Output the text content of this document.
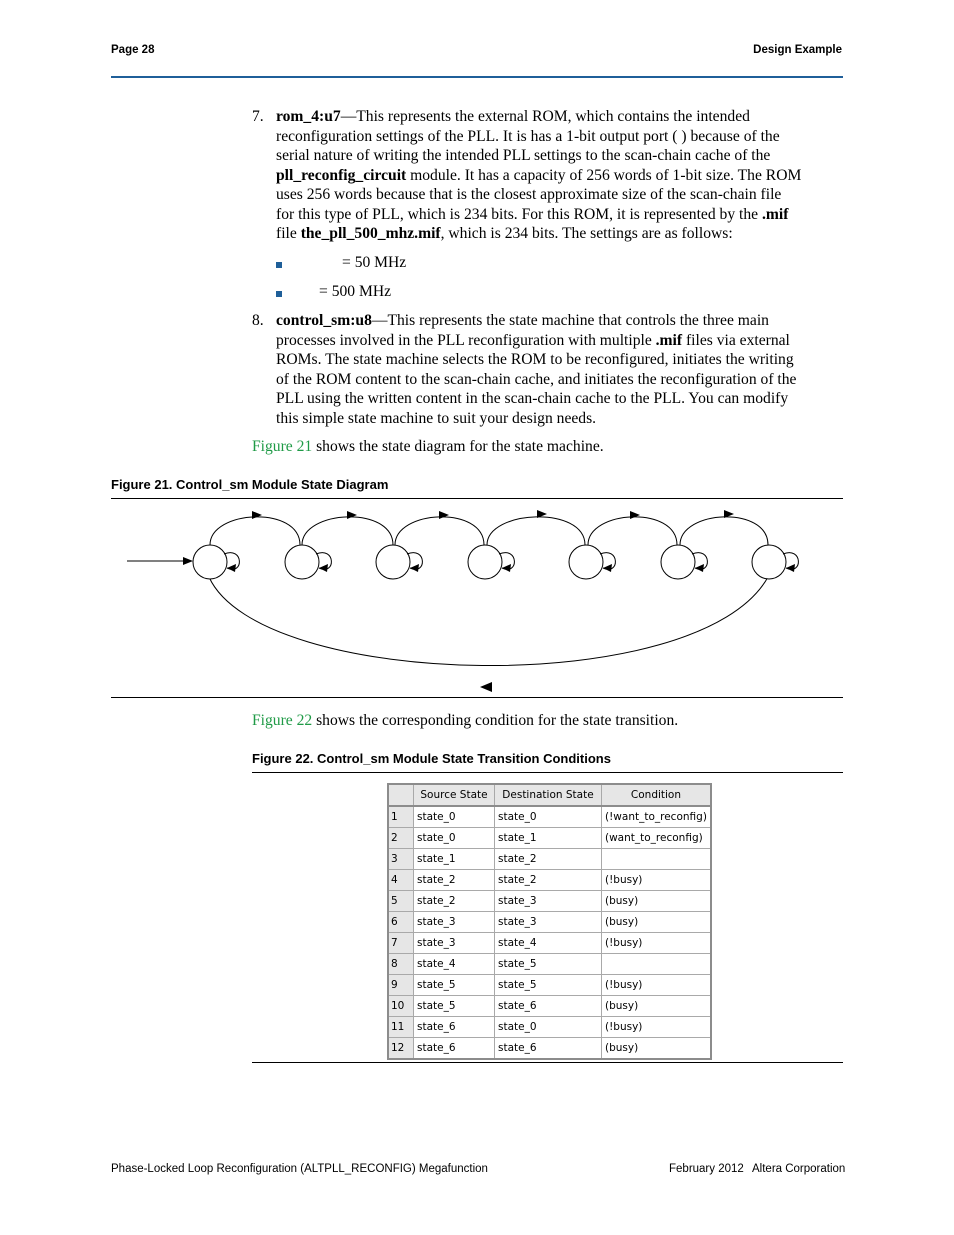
Page 28	Design Example
7. rom_4:u7—This represents the external ROM, which contains the intended
reconfiguration settings of the PLL. It is has a 1-bit output port ( ) because of the
serial nature of writing the intended PLL settings to the scan-chain cache of the
pll_reconfig_circuit module. It has a capacity of 256 words of 1-bit size. The ROM
uses 256 words because that is the closest approximate size of the scan-chain file
for this type of PLL, which is 234 bits. For this ROM, it is represented by the .mif
file the_pll_500_mhz.mif, which is 234 bits. The settings are as follows:
= 50 MHz
= 500 MHz
8. control_sm:u8—This represents the state machine that controls the three main
processes involved in the PLL reconfiguration with multiple .mif files via external
ROMs. The state machine selects the ROM to be reconfigured, initiates the writing
of the ROM content to the scan-chain cache, and initiates the reconfiguration of the
PLL using the written content in the scan-chain cache to the PLL. You can modify
this simple state machine to suit your design needs.
Figure 21 shows the state diagram for the state machine.
Figure 21. Control_sm Module State Diagram
Figure 22 shows the corresponding condition for the state transition.
Figure 22. Control_sm Module State Transition Conditions
	Source State	Destination State	Condition
1	state_0	state_0	(!want_to_reconfig)
2	state_0	state_1	(want_to_reconfig)
3	state_1	state_2	
4	state_2	state_2	(!busy)
5	state_2	state_3	(busy)
6	state_3	state_3	(busy)
7	state_3	state_4	(!busy)
8	state_4	state_5	
9	state_5	state_5	(!busy)
10	state_5	state_6	(busy)
11	state_6	state_0	(!busy)
12	state_6	state_6	(busy)
Phase-Locked Loop Reconfiguration (ALTPLL_RECONFIG) Megafunction	February 2012 Altera Corporation
